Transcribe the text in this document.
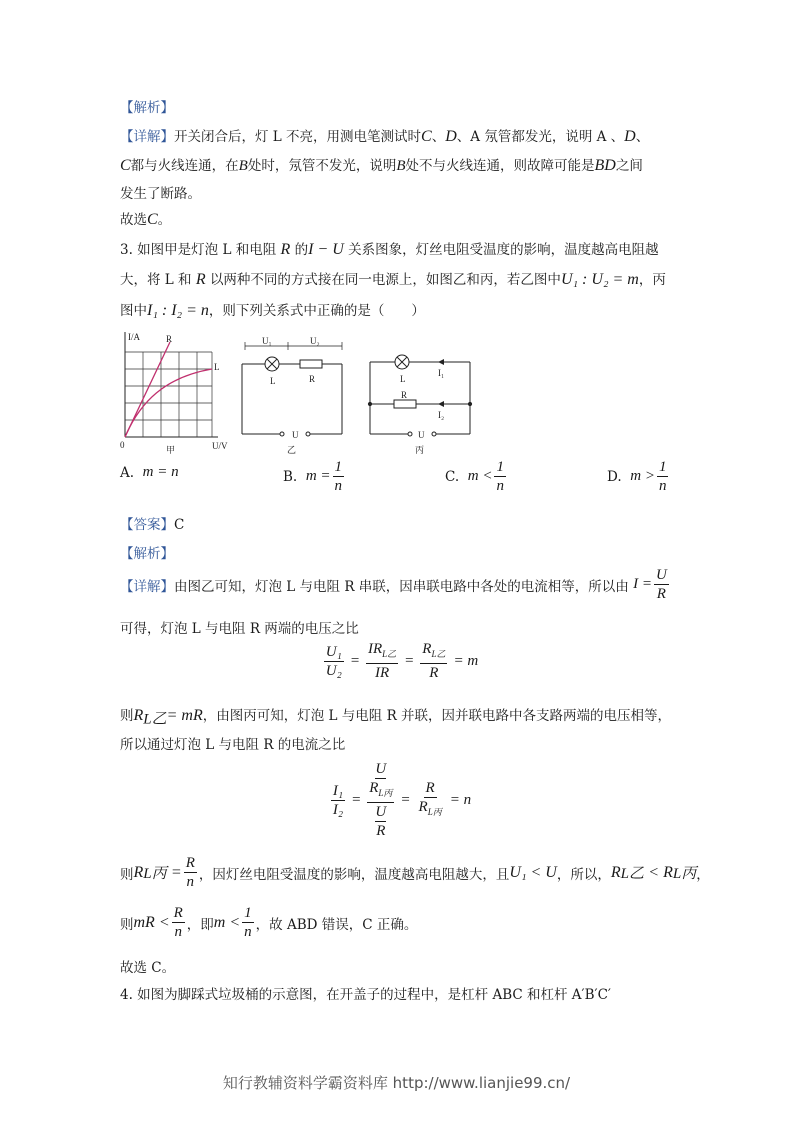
【解析】
【详解】开关闭合后，灯 L 不亮，用测电笔测试时C、D、A 氖管都发光，说明 A 、D、
C都与火线连通，在B处时，氖管不发光，说明B处不与火线连通，则故障可能是BD之间
发生了断路。
故选C。
3. 如图甲是灯泡 L 和电阻 R 的I − U 关系图象，灯丝电阻受温度的影响，温度越高电阻越
大，将 L 和 R 以两种不同的方式接在同一电源上，如图乙和丙，若乙图中U₁ : U₂ = m，丙
图中I₁ : I₂ = n，则下列关系式中正确的是（　　）
I/A	R
L
0	U/V
甲
U₁	U₂
L	R
U
乙
L
I₁
R
I₂
U
丙
A.
m = n	B.
$m = \frac{1}{n}$	C.
$m < \frac{1}{n}$	D.
$m > \frac{1}{n}$
【答案】C
【解析】
【详解】 由图乙可知，灯泡 L 与电阻 R 串联，因串联电路中各处的电流相等，所以由
$I = \frac{U}{R}$
可得，灯泡 L 与电阻 R 两端的电压之比
$\frac{\text{U₁}}{\text{U₂}} = \frac{IR_{L乙}}{IR} = \frac{R_{L乙}}{R} = m$
则$R_{L乙}=$ mR，由图丙可知，灯泡 L 与电阻 R 并联，因并联电路中各支路两端的电压相等，
所以通过灯泡 L 与电阻 R 的电流之比
$\frac{\text{I₁}}{\text{I₂}} = U$
$R_{L丙}$
U
$R = \frac{R}{R_{L丙}} = n$
则 R L丙
= $\frac{R}{n}$ ，因灯丝电阻受温度的影响，温度越高电阻越大，且 U₁ < U ，所以， R L乙
< R L丙 ，
则 mR < $\frac{R}{n}$ ，即 $m < \frac{1}{n}$ ，故 ABD 错误，C 正确。
故选 C。
4. 如图为脚踩式垃圾桶的示意图，在开盖子的过程中，是杠杆 ABC 和杠杆 A′B′C′
知行教辅资料学霸资料库 http://www.lianjie99.cn/
